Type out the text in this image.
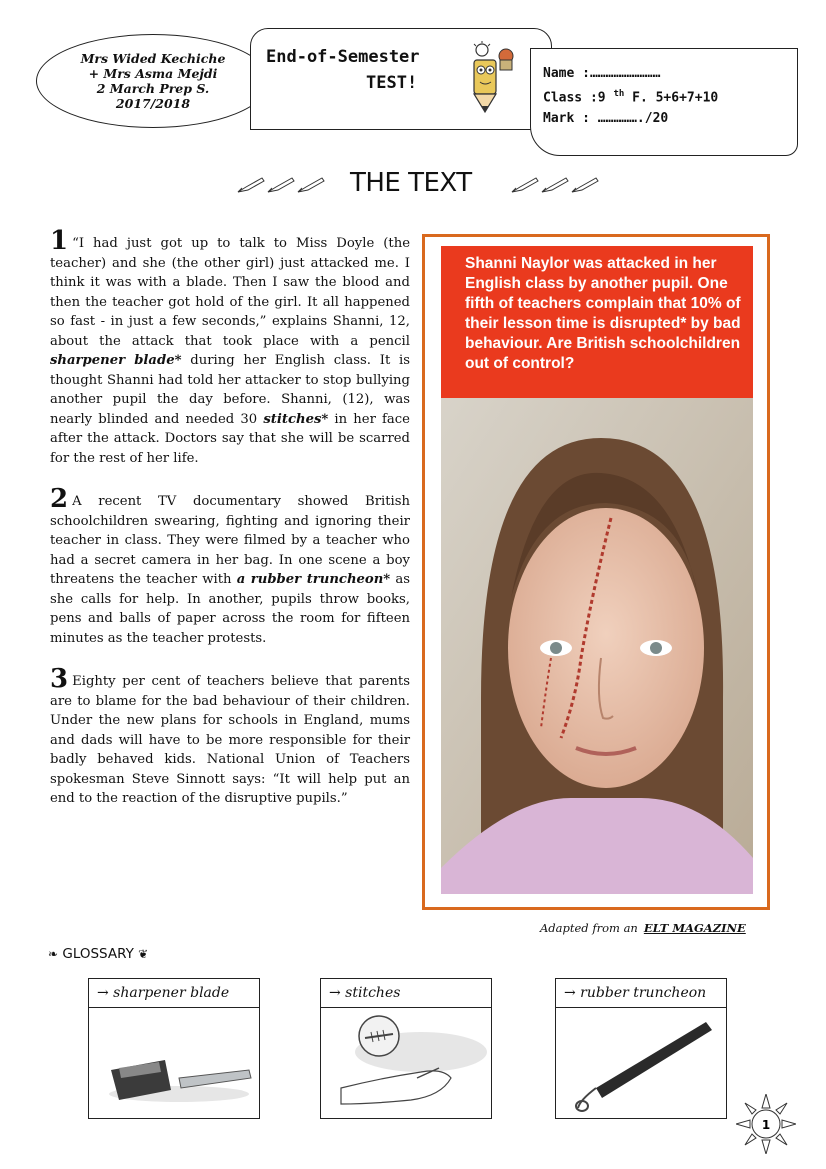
Mrs Wided Kechiche
+ Mrs Asma Mejdi
2 March Prep S.
2017/2018
End-of-Semester
TEST!	Name :………………………
Class :9 $^{th}$ F. 5+6+7+10
Mark : ……………./20
THE TEXT

1 “I had just got up to talk to Miss Doyle (the teacher) and she (the other girl) just attacked me. I think it was with a blade. Then I saw the blood and then the teacher got hold of the girl. It all happened so fast - in just a few seconds,” explains Shanni, 12, about the attack that took place with a pencil sharpener blade* during her English class. It is thought Shanni had told her attacker to stop bullying another pupil the day before. Shanni, (12), was nearly blinded and needed 30 stitches* in her face after the attack. Doctors say that she will be scarred for the rest of her life.

2 A recent TV documentary showed British schoolchildren swearing, fighting and ignoring their teacher in class. They were filmed by a teacher who had a secret camera in her bag. In one scene a boy threatens the teacher with a rubber truncheon* as she calls for help. In another, pupils throw books, pens and balls of paper across the room for fifteen minutes as the teacher protests.

3 Eighty per cent of teachers believe that parents are to blame for the bad behaviour of their children. Under the new plans for schools in England, mums and dads will have to be more responsible for their badly behaved kids. National Union of Teachers spokesman Steve Sinnott says: “It will help put an end to the reaction of the disruptive pupils.”

Shanni Naylor was attacked in her English class by another pupil. One fifth of teachers complain that 10% of their lesson time is disrupted* by bad behaviour. Are British schoolchildren out of control?
Adapted from an ELT MAGAZINE
❧ GLOSSARY ❦
→ sharpener blade	→ stitches	→ rubber truncheon
1
